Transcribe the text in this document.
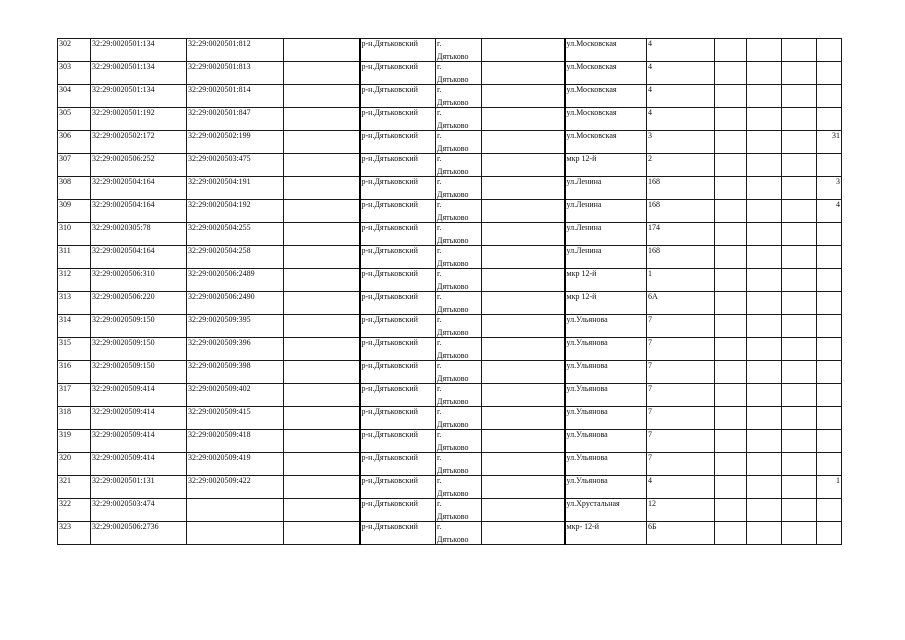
302	32:29:0020501:134	32:29:0020501:812		р-н.Дятьковский	г.
Дятьково		ул.Московская	4				
303	32:29:0020501:134	32:29:0020501:813		р-н.Дятьковский	г.
Дятьково		ул.Московская	4				
304	32:29:0020501:134	32:29:0020501:814		р-н.Дятьковский	г.
Дятьково		ул.Московская	4				
305	32:29:0020501:192	32:29:0020501:847		р-н.Дятьковский	г.
Дятьково		ул.Московская	4				
306	32:29:0020502:172	32:29:0020502:199		р-н.Дятьковский	г.
Дятьково		ул.Московская	3				31
307	32:29:0020506:252	32:29:0020503:475		р-н.Дятьковский	г.
Дятьково		мкр 12-й	2				
308	32:29:0020504:164	32:29:0020504:191		р-н.Дятьковский	г.
Дятьково		ул.Ленина	168				3
309	32:29:0020504:164	32:29:0020504:192		р-н.Дятьковский	г.
Дятьково		ул.Ленина	168				4
310	32:29:0020305:78	32:29:0020504:255		р-н.Дятьковский	г.
Дятьково		ул.Ленина	174				
311	32:29:0020504:164	32:29:0020504:258		р-н.Дятьковский	г.
Дятьково		ул.Ленина	168				
312	32:29:0020506:310	32:29:0020506:2489		р-н.Дятьковский	г.
Дятьково		мкр 12-й	1				
313	32:29:0020506:220	32:29:0020506:2490		р-н.Дятьковский	г.
Дятьково		мкр 12-й	6А				
314	32:29:0020509:150	32:29:0020509:395		р-н.Дятьковский	г.
Дятьково		ул.Ульянова	7				
315	32:29:0020509:150	32:29:0020509:396		р-н.Дятьковский	г.
Дятьково		ул.Ульянова	7				
316	32:29:0020509:150	32:29:0020509:398		р-н.Дятьковский	г.
Дятьково		ул.Ульянова	7				
317	32:29:0020509:414	32:29:0020509:402		р-н.Дятьковский	г.
Дятьково		ул.Ульянова	7				
318	32:29:0020509:414	32:29:0020509:415		р-н.Дятьковский	г.
Дятьково		ул.Ульянова	7				
319	32:29:0020509:414	32:29:0020509:418		р-н.Дятьковский	г.
Дятьково		ул.Ульянова	7				
320	32:29:0020509:414	32:29:0020509:419		р-н.Дятьковский	г.
Дятьково		ул.Ульянова	7				
321	32:29:0020501:131	32:29:0020509:422		р-н.Дятьковский	г.
Дятьково		ул.Ульянова	4				1
322	32:29:0020503:474			р-н.Дятьковский	г.
Дятьково		ул.Хрустальная	12				
323	32:29:0020506:2736			р-н.Дятьковский	г.
Дятьково		мкр- 12-й	6Б				
